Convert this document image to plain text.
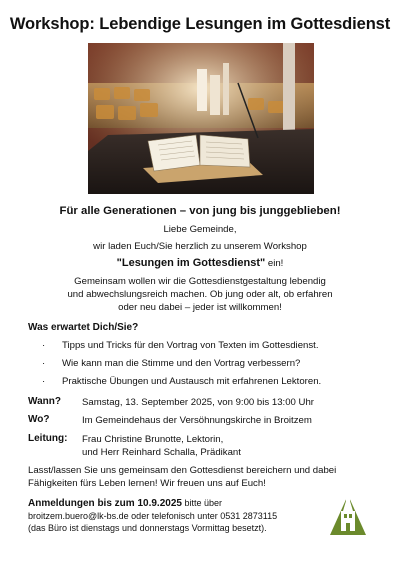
Workshop: Lebendige Lesungen im Gottesdienst
Für alle Generationen – von jung bis junggeblieben!
Liebe Gemeinde,
wir laden Euch/Sie herzlich zu unserem Workshop
"Lesungen im Gottesdienst" ein!
Gemeinsam wollen wir die Gottesdienstgestaltung lebendig
und abwechslungsreich machen. Ob jung oder alt, ob erfahren
oder neu dabei – jeder ist willkommen!
Was erwartet Dich/Sie?
· Tipps und Tricks für den Vortrag von Texten im Gottesdienst.
· Wie kann man die Stimme und den Vortrag verbessern?
· Praktische Übungen und Austausch mit erfahrenen Lektoren.
Wann? Samstag, 13. September 2025, von 9:00 bis 13:00 Uhr
Wo?	Im Gemeindehaus der Versöhnungskirche in Broitzem
Leitung: Frau Christine Brunotte, Lektorin,
und Herr Reinhard Schalla, Prädikant
Lasst/lassen Sie uns gemeinsam den Gottesdienst bereichern und dabei
Fähigkeiten fürs Leben lernen! Wir freuen uns auf Euch!
Anmeldungen bis zum 10.9.2025 bitte über
broitzem.buero@lk-bs.de oder telefonisch unter 0531 2873115
(das Büro ist dienstags und donnerstags Vormittag besetzt).
